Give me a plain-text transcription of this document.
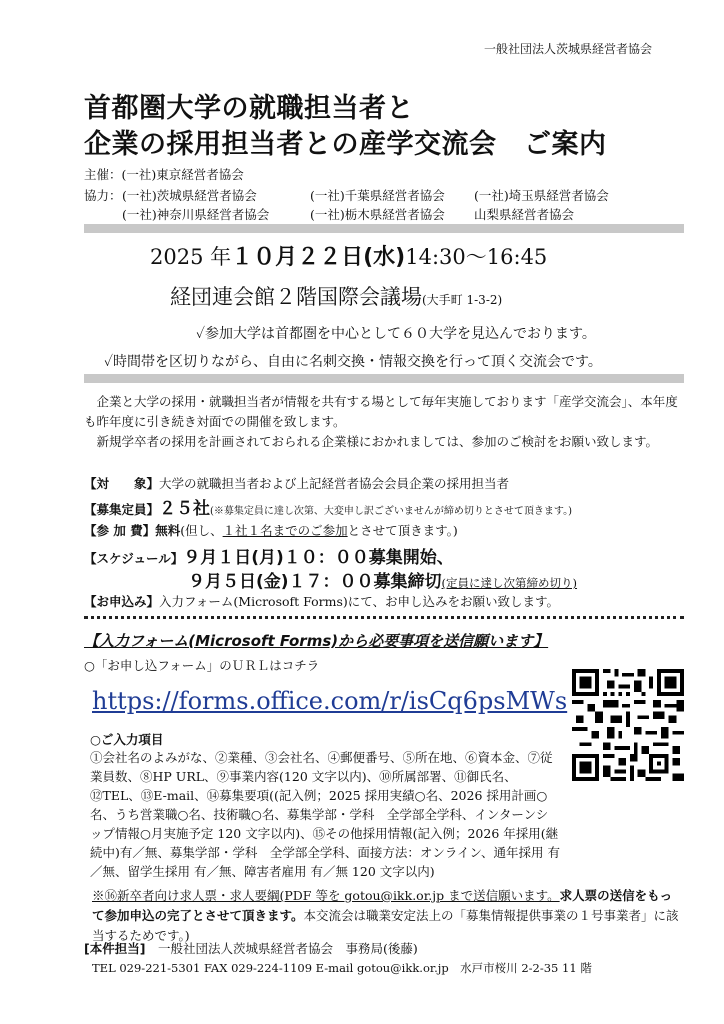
一般社団法人茨城県経営者協会
首都圏大学の就職担当者と
企業の採用担当者との産学交流会　ご案内
主催：(一社)東京経営者協会
協力： (一社)茨城県経営者協会	(一社)千葉県経営者協会 (一社)埼玉県経営者協会
(一社)神奈川県経営者協会	(一社)栃木県経営者協会 山梨県経営者協会
2025 年１０月２２日(水)14:30〜16:45
経団連会館２階国際会議場(大手町 1-3-2)
✓参加大学は首都圏を中心として６０大学を見込んでおります。
✓時間帯を区切りながら、自由に名刺交換・情報交換を行って頂く交流会です。
企業と大学の採用・就職担当者が情報を共有する場として毎年実施しております「産学交流会」、本年度も昨年度に引き続き対面での開催を致します。
新規学卒者の採用を計画されておられる企業様におかれましては、参加のご検討をお願い致します。
【対　　象】大学の就職担当者および上記経営者協会会員企業の採用担当者
【募集定員】２５社(※募集定員に達し次第、大変申し訳ございませんが締め切りとさせて頂きます。)
【参 加 費】無料(但し、１社１名までのご参加とさせて頂きます。)
【スケジュール】９月１日(月)１０：００募集開始、
９月５日(金)１７：００募集締切(定員に達し次第締め切り)
【お申込み】入力フォーム(Microsoft Forms)にて、お申し込みをお願い致します。
【入力フォーム(Microsoft Forms)から必要事項を送信願います】
○「お申し込フォーム」のＵＲＬはコチラ
https://forms.office.com/r/isCq6psMWs
○ご入力項目
①会社名のよみがな、②業種、③会社名、④郵便番号、⑤所在地、⑥資本金、⑦従業員数、⑧HP URL、⑨事業内容(120 文字以内)、⑩所属部署、⑪御氏名、⑫TEL、⑬E-mail、⑭募集要項((記入例；2025 採用実績○名、2026 採用計画○名、うち営業職○名、技術職○名、募集学部・学科　全学部全学科、インターンシップ情報○月実施予定 120 文字以内)、⑮その他採用情報(記入例；2026 年採用(継続中)有／無、募集学部・学科　全学部全学科、面接方法：オンライン、通年採用 有／無、留学生採用 有／無、障害者雇用 有／無 120 文字以内)
※⑯新卒者向け求人票・求人要綱(PDF 等を gotou@ikk.or.jp まで送信願います。求人票の送信をもって参加申込の完了とさせて頂きます。本交流会は職業安定法上の「募集情報提供事業の１号事業者」に該当するためです。)
[本件担当]　 一般社団法人茨城県経営者協会　事務局(後藤)
TEL 029-221-5301 FAX 029-224-1109 E-mail gotou@ikk.or.jp　水戸市桜川 2-2-35 11 階
